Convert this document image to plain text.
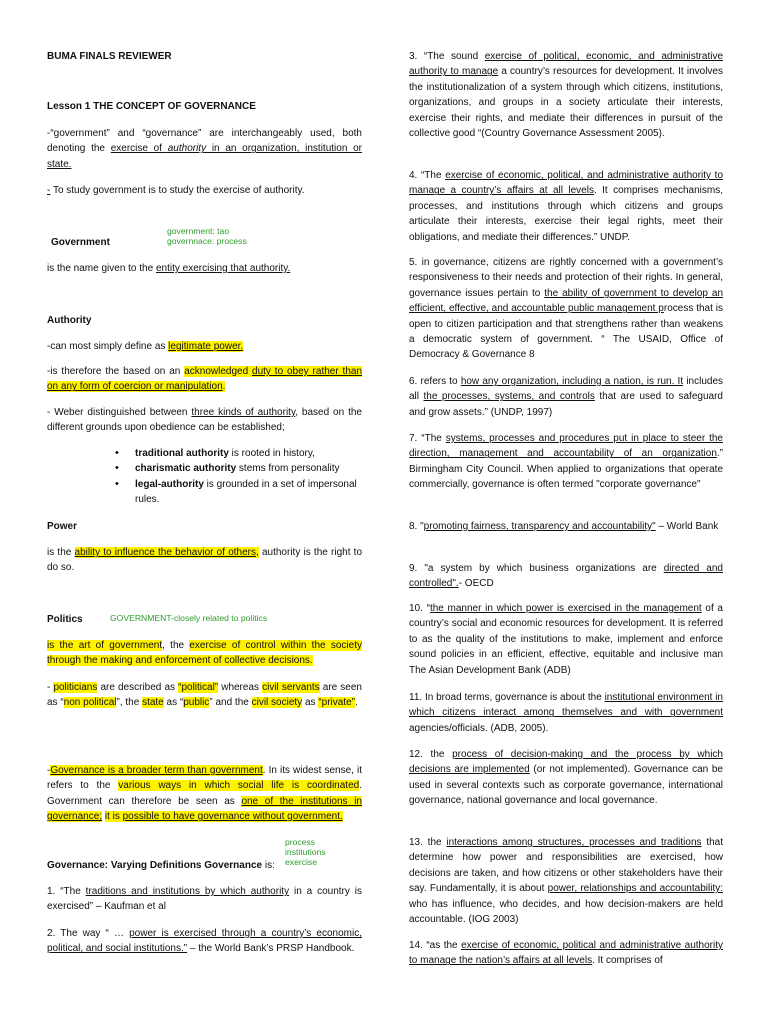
BUMA FINALS REVIEWER

Lesson 1 THE CONCEPT OF GOVERNANCE

-“government” and “governance” are interchangeably used, both denoting the exercise of authority in an organization, institution or state.

- To study government is to study the exercise of authority.

government: tao
governnace: process

Government

is the name given to the entity exercising that authority.

Authority

-can most simply define as legitimate power.

-is therefore the based on an acknowledged duty to obey rather than on any form of coercion or manipulation.

- Weber distinguished between three kinds of authority, based on the different grounds upon obedience can be established;

• traditional authority is rooted in history,
• charismatic authority stems from personality
• legal-authority is grounded in a set of impersonal rules.

Power

is the ability to influence the behavior of others, authority is the right to do so.

Politics	GOVERNMENT-closely related to politics

is the art of government, the exercise of control within the society through the making and enforcement of collective decisions.

- politicians are described as “political” whereas civil servants are seen as “non political”, the state as “public” and the civil society as “private”.

-Governance is a broader term than government. In its widest sense, it refers to the various ways in which social life is coordinated. Government can therefore be seen as one of the institutions in governance; it is possible to have governance without government.

process
institutions
exercise

Governance: Varying Definitions Governance is:

1. “The traditions and institutions by which authority in a country is exercised” – Kaufman et al

2. The way “ … power is exercised through a country’s economic, political, and social institutions.” – the World Bank’s PRSP Handbook.

3. “The sound exercise of political, economic, and administrative authority to manage a country’s resources for development. It involves the institutionalization of a system through which citizens, institutions, organizations, and groups in a society articulate their interests, exercise their rights, and mediate their differences in pursuit of the collective good “(Country Governance Assessment 2005).

4. “The exercise of economic, political, and administrative authority to manage a country’s affairs at all levels. It comprises mechanisms, processes, and institutions through which citizens and groups articulate their interests, exercise their legal rights, meet their obligations, and mediate their differences.” UNDP.

5. in governance, citizens are rightly concerned with a government’s responsiveness to their needs and protection of their rights. In general, governance issues pertain to the ability of government to develop an efficient, effective, and accountable public management process that is open to citizen participation and that strengthens rather than weakens a democratic system of government. “ The USAID, Office of Democracy & Governance 8

6. refers to how any organization, including a nation, is run. It includes all the processes, systems, and controls that are used to safeguard and grow assets.” (UNDP, 1997)

7. “The systems, processes and procedures put in place to steer the direction, management and accountability of an organization.” Birmingham City Council. When applied to organizations that operate commercially, governance is often termed "corporate governance"

8. "promoting fairness, transparency and accountability" – World Bank

9. "a system by which business organizations are directed and controlled".- OECD

10. “the manner in which power is exercised in the management of a country’s social and economic resources for development. It is referred to as the quality of the institutions to make, implement and enforce sound policies in an efficient, effective, equitable and inclusive man The Asian Development Bank (ADB)

11. In broad terms, governance is about the institutional environment in which citizens interact among themselves and with government agencies/officials. (ADB, 2005).

12. the process of decision-making and the process by which decisions are implemented (or not implemented). Governance can be used in several contexts such as corporate governance, international governance, national governance and local governance.

13. the interactions among structures, processes and traditions that determine how power and responsibilities are exercised, how decisions are taken, and how citizens or other stakeholders have their say. Fundamentally, it is about power, relationships and accountability: who has influence, who decides, and how decision-makers are held accountable. (IOG 2003)

14. “as the exercise of economic, political and administrative authority to manage the nation’s affairs at all levels. It comprises of
